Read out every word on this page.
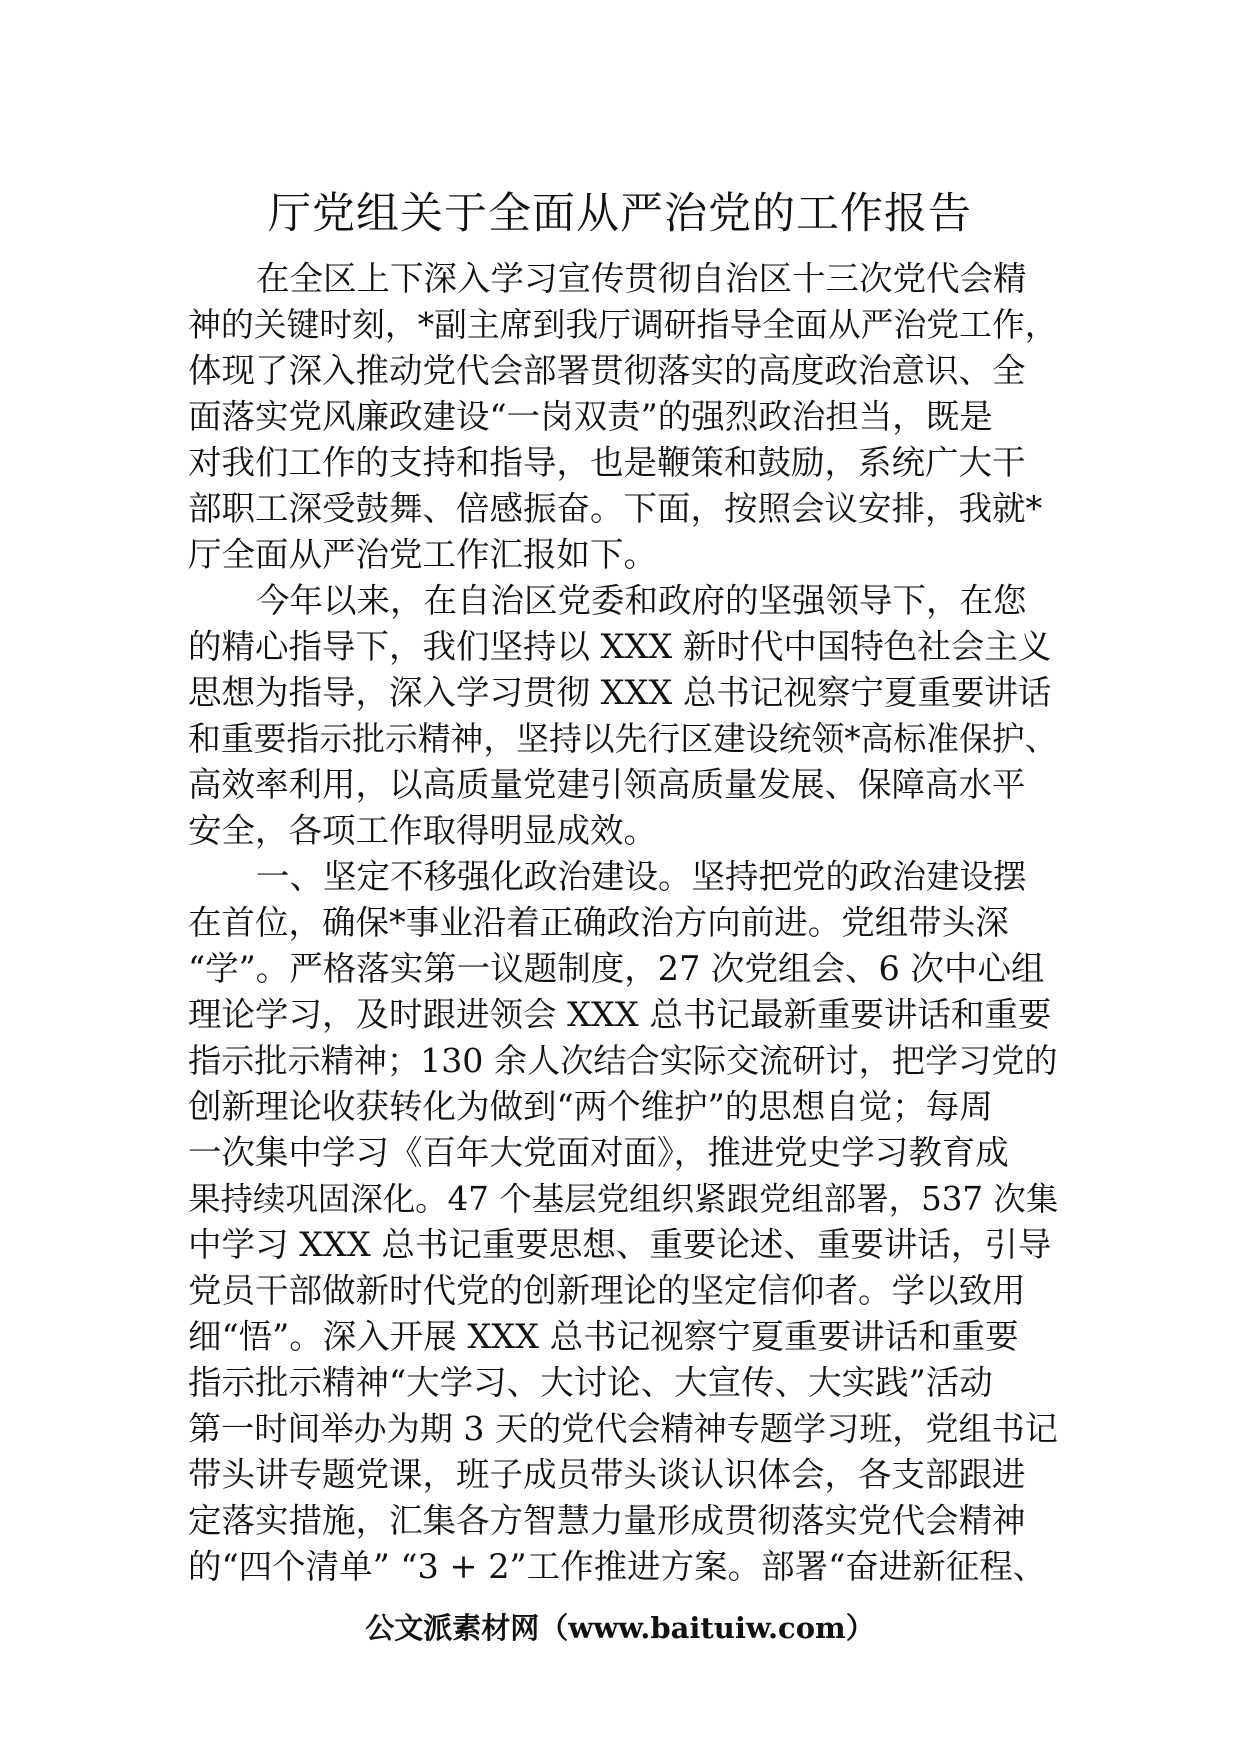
厅党组关于全面从严治党的工作报告
在全区上下深入学习宣传贯彻自治区十三次党代会精
神的关键时刻，*副主席到我厅调研指导全面从严治党工作，
体现了深入推动党代会部署贯彻落实的高度政治意识、全
面落实党风廉政建设“一岗双责”的强烈政治担当，既是
对我们工作的支持和指导，也是鞭策和鼓励，系统广大干
部职工深受鼓舞、倍感振奋。下面，按照会议安排，我就*
厅全面从严治党工作汇报如下。
今年以来，在自治区党委和政府的坚强领导下，在您
的精心指导下，我们坚持以 XXX 新时代中国特色社会主义
思想为指导，深入学习贯彻 XXX 总书记视察宁夏重要讲话
和重要指示批示精神，坚持以先行区建设统领*高标准保护、
高效率利用，以高质量党建引领高质量发展、保障高水平
安全，各项工作取得明显成效。
一、坚定不移强化政治建设。坚持把党的政治建设摆
在首位，确保*事业沿着正确政治方向前进。党组带头深
“学”。严格落实第一议题制度，27 次党组会、6 次中心组
理论学习，及时跟进领会 XXX 总书记最新重要讲话和重要
指示批示精神；130 余人次结合实际交流研讨，把学习党的
创新理论收获转化为做到“两个维护”的思想自觉；每周
一次集中学习《百年大党面对面》，推进党史学习教育成
果持续巩固深化。47 个基层党组织紧跟党组部署，537 次集
中学习 XXX 总书记重要思想、重要论述、重要讲话，引导
党员干部做新时代党的创新理论的坚定信仰者。学以致用
细“悟”。深入开展 XXX 总书记视察宁夏重要讲话和重要
指示批示精神“大学习、大讨论、大宣传、大实践”活动
第一时间举办为期 3 天的党代会精神专题学习班，党组书记
带头讲专题党课，班子成员带头谈认识体会，各支部跟进
定落实措施，汇集各方智慧力量形成贯彻落实党代会精神
的“四个清单” “3 + 2”工作推进方案。部署“奋进新征程、
公文派素材网（www.baituiw.com）
